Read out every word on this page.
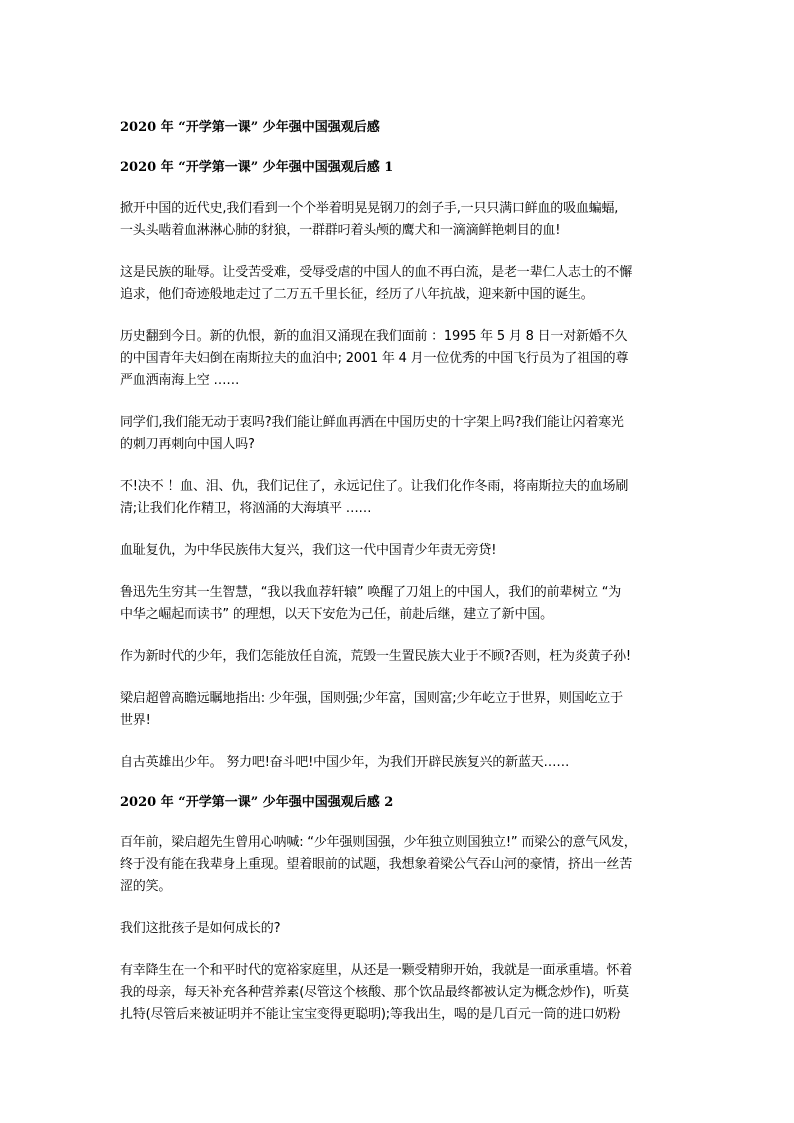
2020 年 “开学第一课” 少年强中国强观后感
2020 年 “开学第一课” 少年强中国强观后感 1

掀开中国的近代史,我们看到一个个举着明晃晃钢刀的刽子手,一只只满口鲜血的吸血蝙蝠,
一头头啮着血淋淋心肺的豺狼，一群群叼着头颅的鹰犬和一滴滴鲜艳刺目的血!

这是民族的耻辱。让受苦受难，受辱受虐的中国人的血不再白流，是老一辈仁人志士的不懈
追求，他们奇迹般地走过了二万五千里长征，经历了八年抗战，迎来新中国的诞生。

历史翻到今日。新的仇恨，新的血泪又涌现在我们面前 ：1995 年 5 月 8 日一对新婚不久
的中国青年夫妇倒在南斯拉夫的血泊中; 2001 年 4 月一位优秀的中国飞行员为了祖国的尊
严血洒南海上空 ……

同学们,我们能无动于衷吗?我们能让鲜血再洒在中国历史的十字架上吗?我们能让闪着寒光
的刺刀再刺向中国人吗?

不!决不 ！血、泪、仇，我们记住了，永远记住了。让我们化作冬雨，将南斯拉夫的血场刷
清;让我们化作精卫，将汹涌的大海填平 ……

血耻复仇，为中华民族伟大复兴，我们这一代中国青少年责无旁贷!

鲁迅先生穷其一生智慧，“我以我血荐轩辕” 唤醒了刀俎上的中国人，我们的前辈树立 “为
中华之崛起而读书” 的理想，以天下安危为己任，前赴后继，建立了新中国。

作为新时代的少年，我们怎能放任自流，荒毁一生置民族大业于不顾?否则，枉为炎黄子孙!

梁启超曾高瞻远瞩地指出: 少年强，国则强;少年富，国则富;少年屹立于世界，则国屹立于
世界!

自古英雄出少年。 努力吧!奋斗吧!中国少年，为我们开辟民族复兴的新蓝天……

2020 年 “开学第一课” 少年强中国强观后感 2

百年前，梁启超先生曾用心呐喊: “少年强则国强，少年独立则国独立!” 而梁公的意气风发，
终于没有能在我辈身上重现。望着眼前的试题，我想象着梁公气吞山河的豪情，挤出一丝苦
涩的笑。

我们这批孩子是如何成长的?

有幸降生在一个和平时代的宽裕家庭里，从还是一颗受精卵开始，我就是一面承重墙。怀着
我的母亲，每天补充各种营养素(尽管这个核酸、那个饮品最终都被认定为概念炒作)，听莫
扎特(尽管后来被证明并不能让宝宝变得更聪明);等我出生，喝的是几百元一筒的进口奶粉
